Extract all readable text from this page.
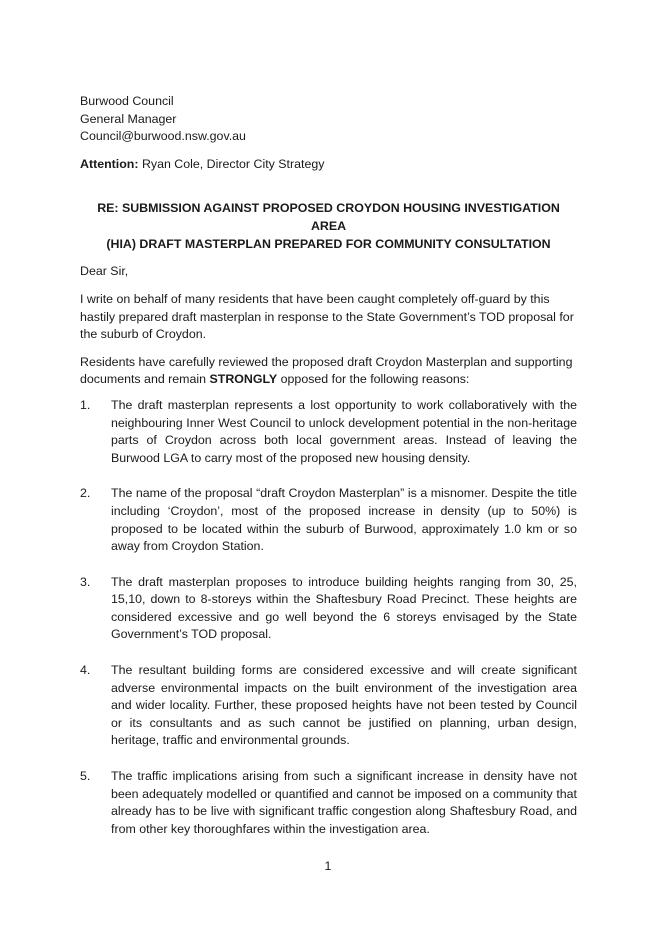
Burwood Council
General Manager
Council@burwood.nsw.gov.au
Attention: Ryan Cole, Director City Strategy
RE: SUBMISSION AGAINST PROPOSED CROYDON HOUSING INVESTIGATION AREA
(HIA) DRAFT MASTERPLAN PREPARED FOR COMMUNITY CONSULTATION
Dear Sir,
I write on behalf of many residents that have been caught completely off-guard by this hastily prepared draft masterplan in response to the State Government’s TOD proposal for the suburb of Croydon.
Residents have carefully reviewed the proposed draft Croydon Masterplan and supporting documents and remain STRONGLY opposed for the following reasons:
1. The draft masterplan represents a lost opportunity to work collaboratively with the neighbouring Inner West Council to unlock development potential in the non-heritage parts of Croydon across both local government areas. Instead of leaving the Burwood LGA to carry most of the proposed new housing density.
2. The name of the proposal “draft Croydon Masterplan” is a misnomer. Despite the title including ‘Croydon’, most of the proposed increase in density (up to 50%) is proposed to be located within the suburb of Burwood, approximately 1.0 km or so away from Croydon Station.
3. The draft masterplan proposes to introduce building heights ranging from 30, 25, 15,10, down to 8-storeys within the Shaftesbury Road Precinct. These heights are considered excessive and go well beyond the 6 storeys envisaged by the State Government’s TOD proposal.
4. The resultant building forms are considered excessive and will create significant adverse environmental impacts on the built environment of the investigation area and wider locality. Further, these proposed heights have not been tested by Council or its consultants and as such cannot be justified on planning, urban design, heritage, traffic and environmental grounds.
5. The traffic implications arising from such a significant increase in density have not been adequately modelled or quantified and cannot be imposed on a community that already has to be live with significant traffic congestion along Shaftesbury Road, and from other key thoroughfares within the investigation area.
1
